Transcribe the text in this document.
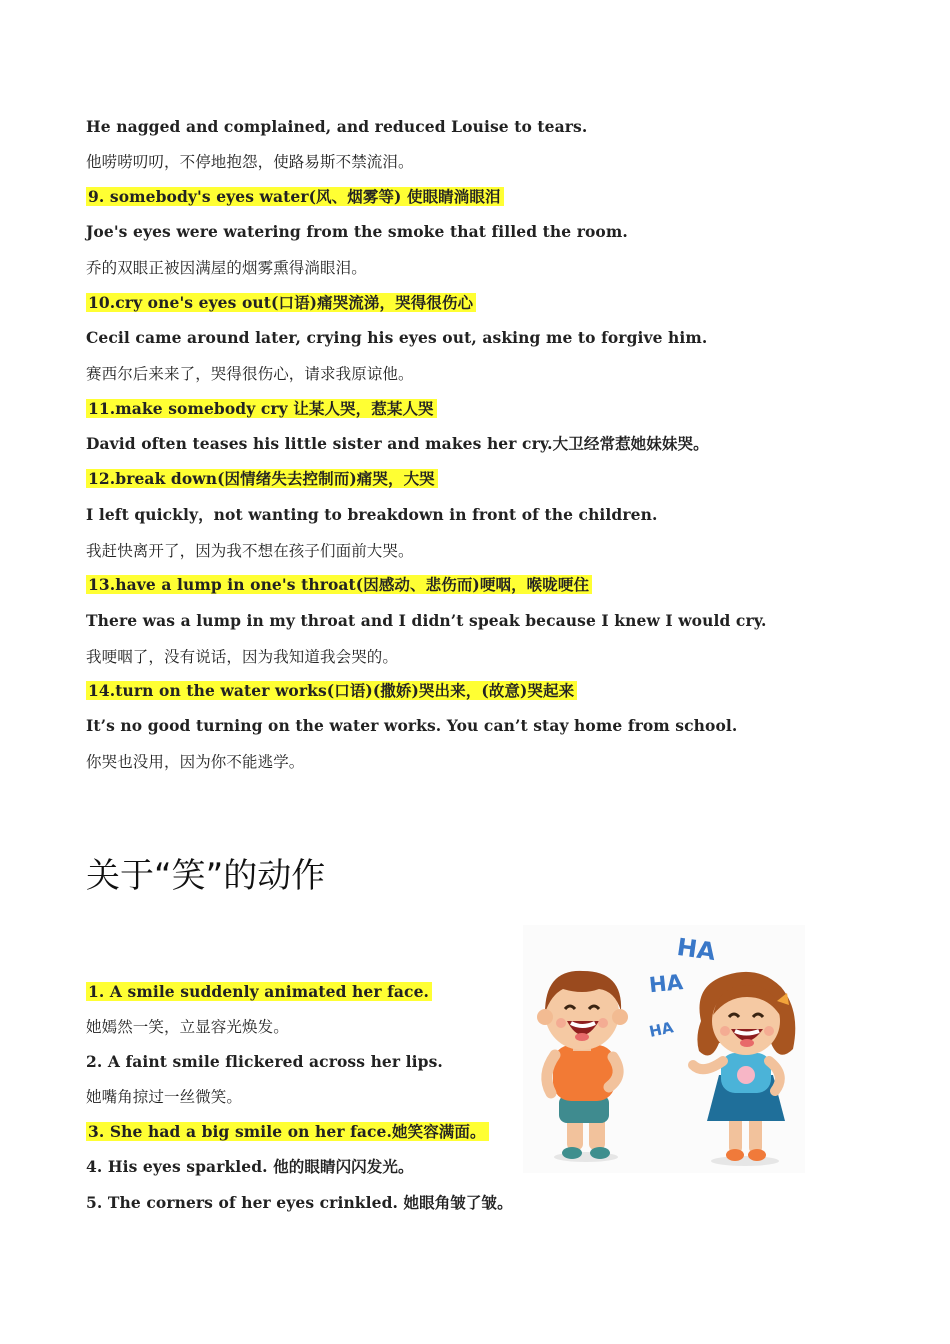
He nagged and complained, and reduced Louise to tears.
他唠唠叨叨，不停地抱怨，使路易斯不禁流泪。
9. somebody's eyes water(风、烟雾等) 使眼睛淌眼泪
Joe's eyes were watering from the smoke that filled the room.
乔的双眼正被因满屋的烟雾熏得淌眼泪。
10.cry one's eyes out(口语)痛哭流涕，哭得很伤心
Cecil came around later, crying his eyes out, asking me to forgive him.
赛西尔后来来了，哭得很伤心，请求我原谅他。
11.make somebody cry 让某人哭，惹某人哭
David often teases his little sister and makes her cry.大卫经常惹她妹妹哭。
12.break down(因情绪失去控制而)痛哭，大哭
I left quickly，not wanting to breakdown in front of the children.
我赶快离开了，因为我不想在孩子们面前大哭。
13.have a lump in one's throat(因感动、悲伤而)哽咽，喉咙哽住
There was a lump in my throat and I didn’t speak because I knew I would cry.
我哽咽了，没有说话，因为我知道我会哭的。
14.turn on the water works(口语)(撒娇)哭出来，(故意)哭起来
It’s no good turning on the water works. You can’t stay home from school.
你哭也没用，因为你不能逃学。
关于“笑”的动作
1. A smile suddenly animated her face.
她嫣然一笑，立显容光焕发。
2. A faint smile flickered across her lips.
她嘴角掠过一丝微笑。
3. She had a big smile on her face.她笑容满面。
4. His eyes sparkled. 他的眼睛闪闪发光。
5. The corners of her eyes crinkled. 她眼角皱了皱。
HA
HA
HA
